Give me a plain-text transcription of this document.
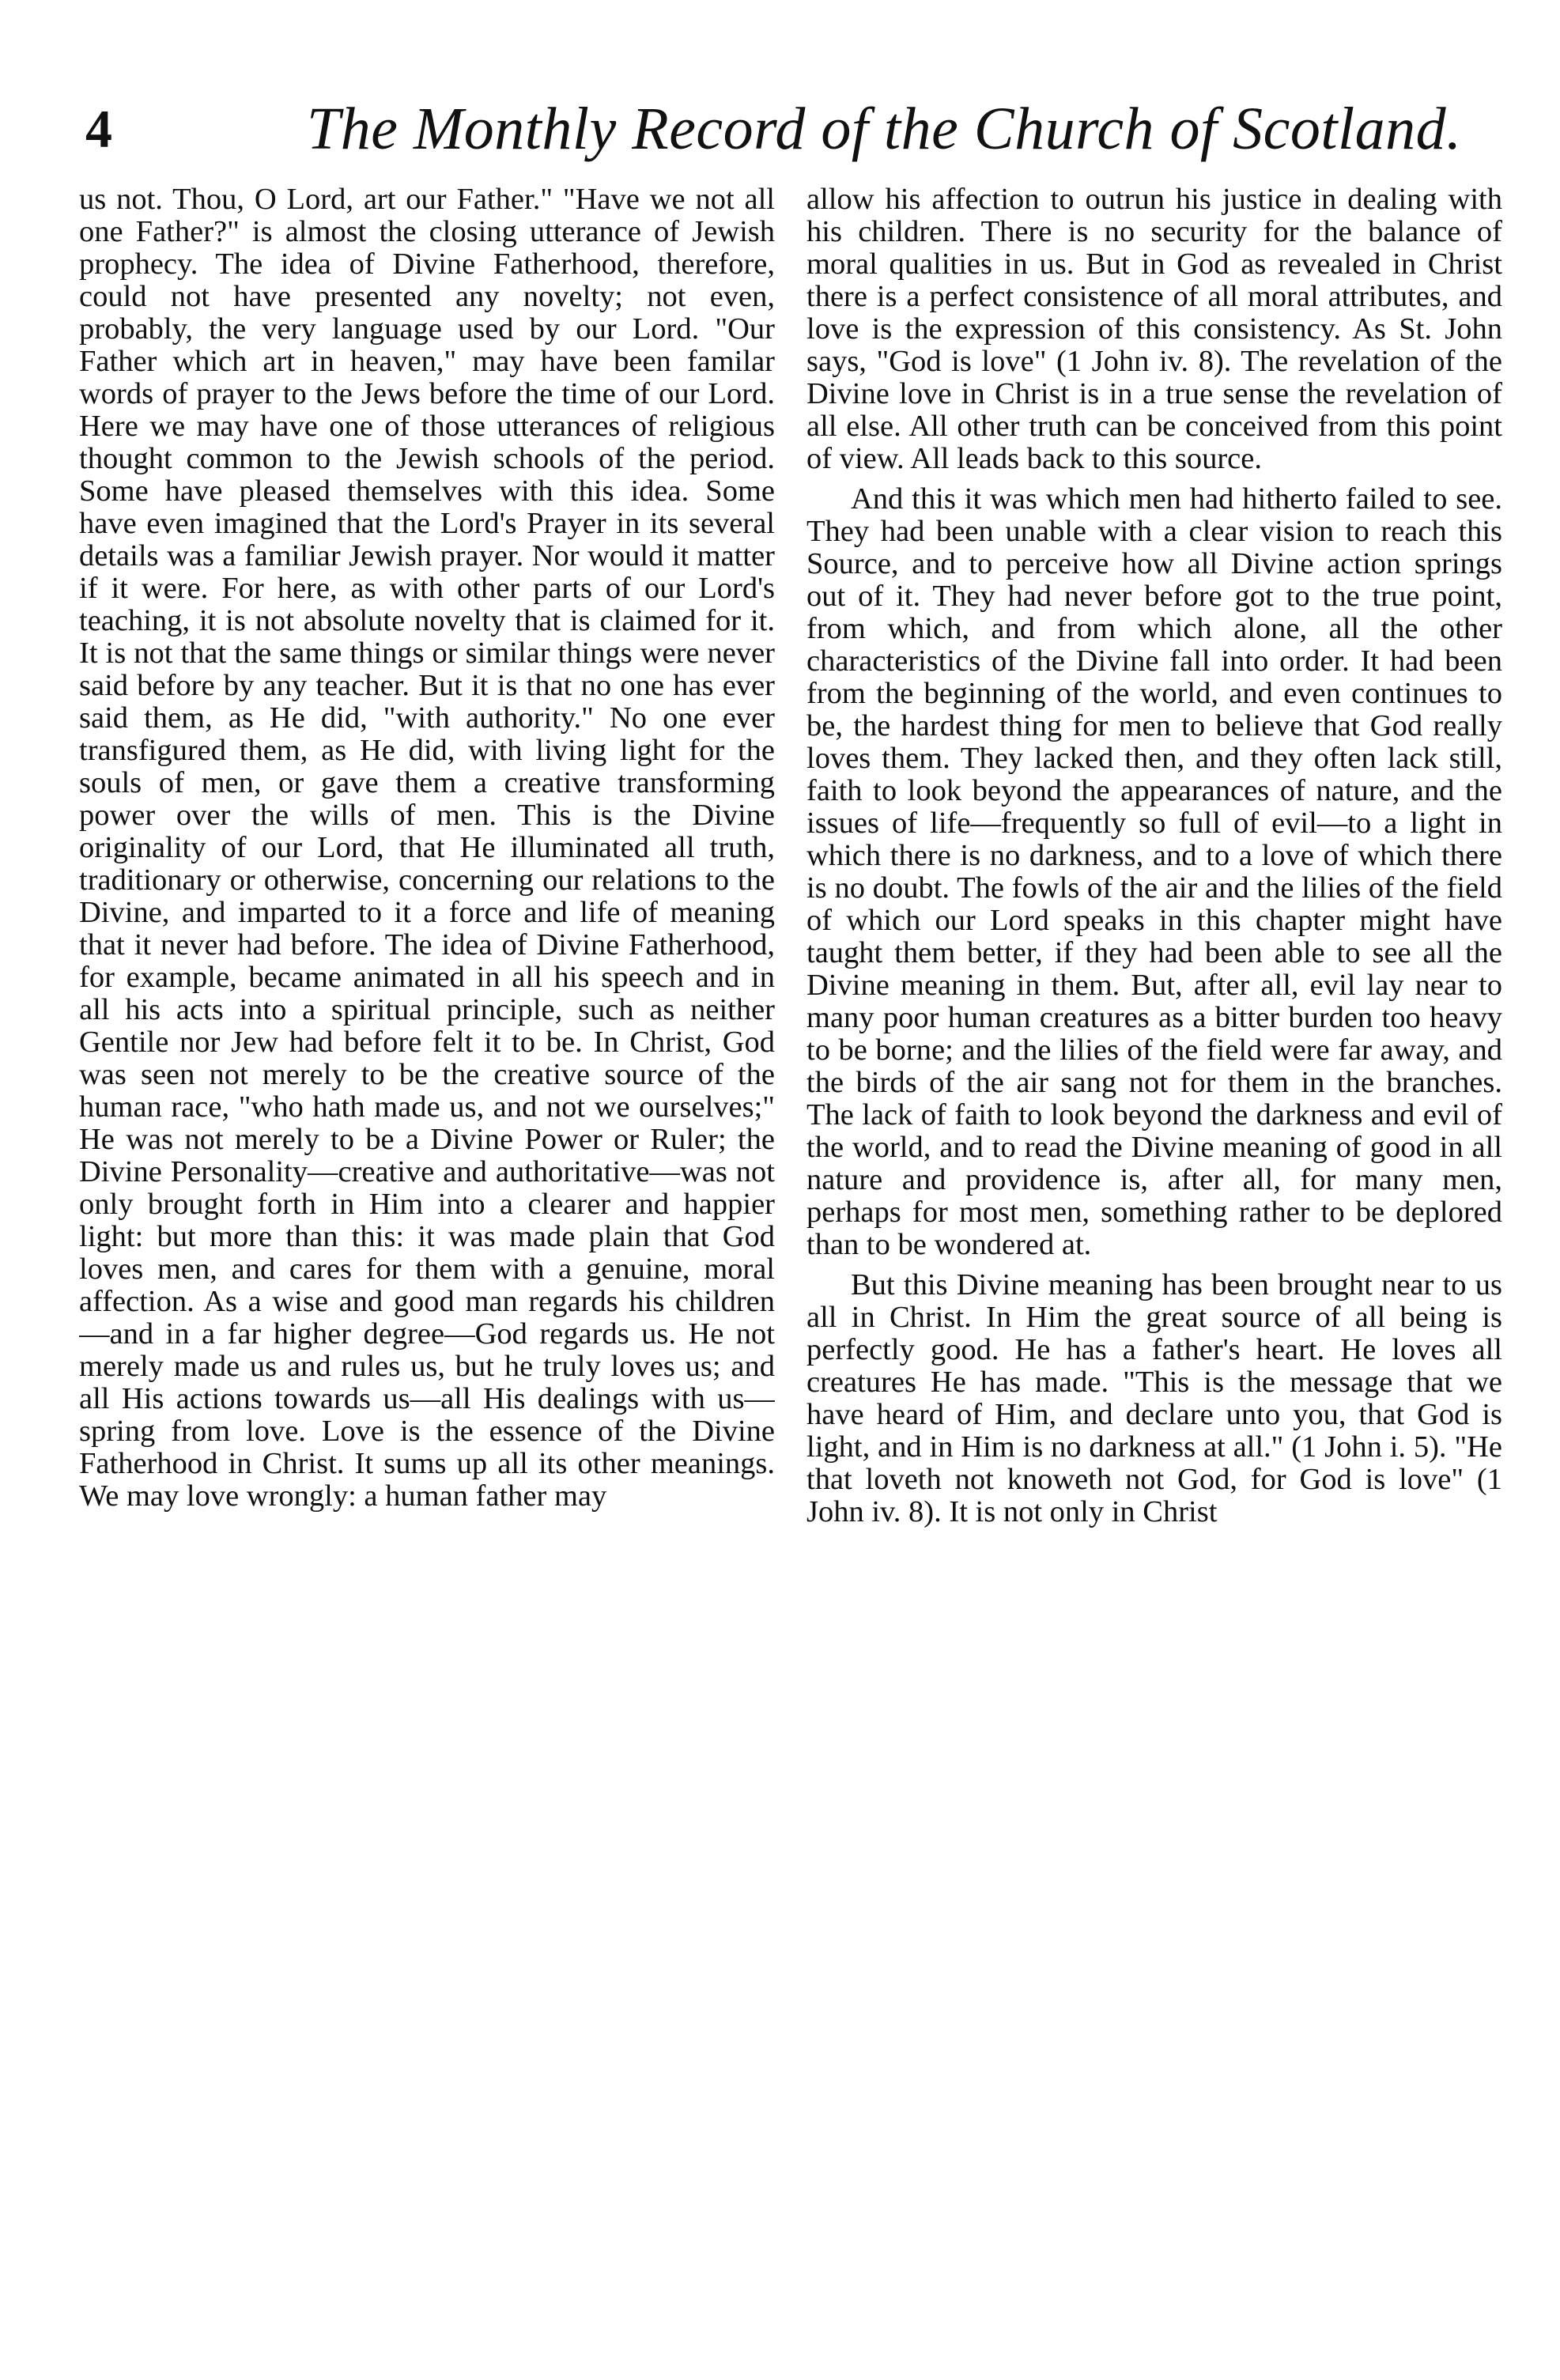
4	The Monthly Record of the Church of Scotland.

us not. Thou, O Lord, art our Father." "Have we not all one Father?" is almost the closing utterance of Jewish prophecy. The idea of Divine Fatherhood, therefore, could not have presented any novelty; not even, probably, the very language used by our Lord. "Our Father which art in heaven," may have been familar words of prayer to the Jews before the time of our Lord. Here we may have one of those utterances of religious thought common to the Jewish schools of the period. Some have pleased themselves with this idea. Some have even imagined that the Lord's Prayer in its several details was a familiar Jewish prayer. Nor would it matter if it were. For here, as with other parts of our Lord's teaching, it is not absolute novelty that is claimed for it. It is not that the same things or similar things were never said before by any teacher. But it is that no one has ever said them, as He did, "with authority." No one ever transfigured them, as He did, with living light for the souls of men, or gave them a creative transforming power over the wills of men. This is the Divine originality of our Lord, that He illuminated all truth, traditionary or otherwise, concerning our relations to the Divine, and imparted to it a force and life of meaning that it never had before. The idea of Divine Fatherhood, for example, became animated in all his speech and in all his acts into a spiritual principle, such as neither Gentile nor Jew had before felt it to be. In Christ, God was seen not merely to be the creative source of the human race, "who hath made us, and not we ourselves;" He was not merely to be a Divine Power or Ruler; the Divine Personality—creative and authoritative—was not only brought forth in Him into a clearer and happier light: but more than this: it was made plain that God loves men, and cares for them with a genuine, moral affection. As a wise and good man regards his children—and in a far higher degree—God regards us. He not merely made us and rules us, but he truly loves us; and all His actions towards us—all His dealings with us—spring from love. Love is the essence of the Divine Fatherhood in Christ. It sums up all its other meanings. We may love wrongly: a human father may

allow his affection to outrun his justice in dealing with his children. There is no security for the balance of moral qualities in us. But in God as revealed in Christ there is a perfect consistence of all moral attributes, and love is the expression of this consistency. As St. John says, "God is love" (1 John iv. 8). The revelation of the Divine love in Christ is in a true sense the revelation of all else. All other truth can be conceived from this point of view. All leads back to this source.

And this it was which men had hitherto failed to see. They had been unable with a clear vision to reach this Source, and to perceive how all Divine action springs out of it. They had never before got to the true point, from which, and from which alone, all the other characteristics of the Divine fall into order. It had been from the beginning of the world, and even continues to be, the hardest thing for men to believe that God really loves them. They lacked then, and they often lack still, faith to look beyond the appearances of nature, and the issues of life—frequently so full of evil—to a light in which there is no darkness, and to a love of which there is no doubt. The fowls of the air and the lilies of the field of which our Lord speaks in this chapter might have taught them better, if they had been able to see all the Divine meaning in them. But, after all, evil lay near to many poor human creatures as a bitter burden too heavy to be borne; and the lilies of the field were far away, and the birds of the air sang not for them in the branches. The lack of faith to look beyond the darkness and evil of the world, and to read the Divine meaning of good in all nature and providence is, after all, for many men, perhaps for most men, something rather to be deplored than to be wondered at.

But this Divine meaning has been brought near to us all in Christ. In Him the great source of all being is perfectly good. He has a father's heart. He loves all creatures He has made. "This is the message that we have heard of Him, and declare unto you, that God is light, and in Him is no darkness at all." (1 John i. 5). "He that loveth not knoweth not God, for God is love" (1 John iv. 8). It is not only in Christ
